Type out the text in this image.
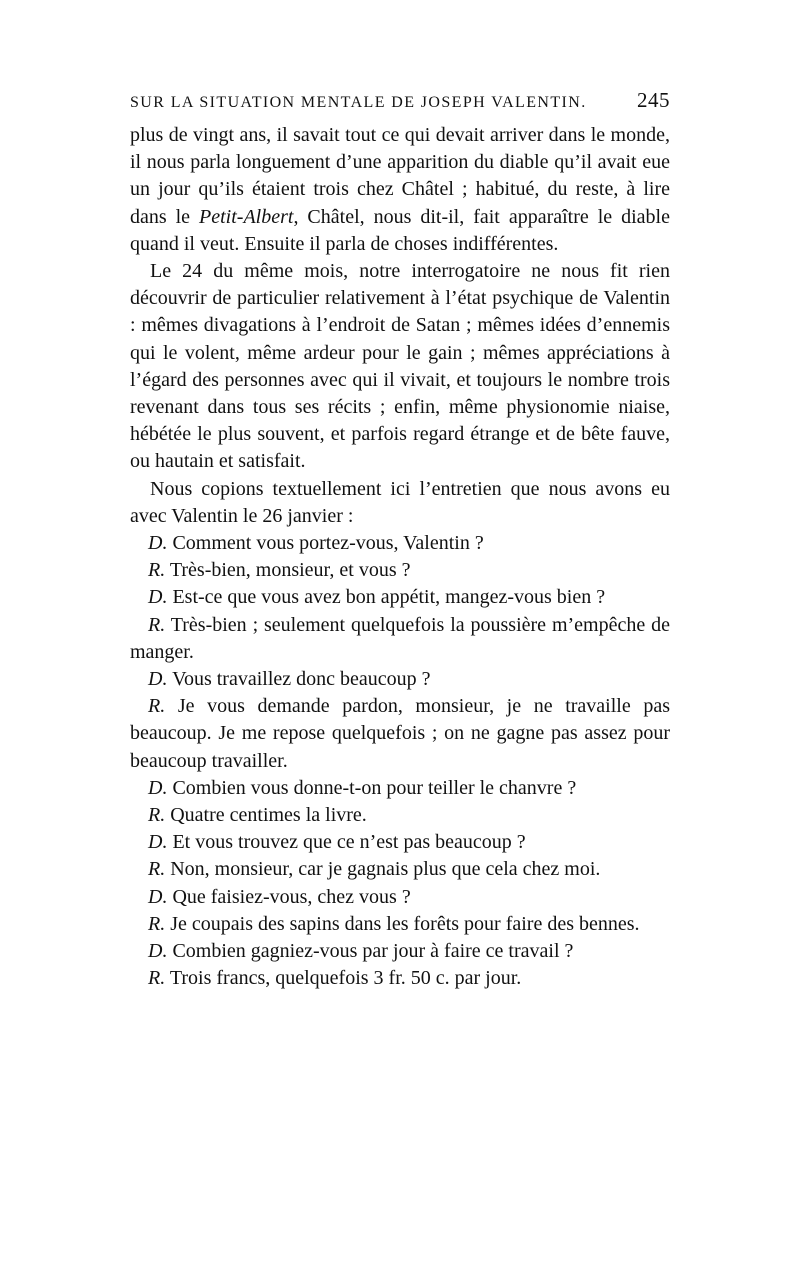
SUR LA SITUATION MENTALE DE JOSEPH VALENTIN. 245

plus de vingt ans, il savait tout ce qui devait arriver dans le monde, il nous parla longuement d’une apparition du diable qu’il avait eue un jour qu’ils étaient trois chez Châtel ; habitué, du reste, à lire dans le Petit-Albert, Châtel, nous dit-il, fait apparaître le diable quand il veut. Ensuite il parla de choses indifférentes.

Le 24 du même mois, notre interrogatoire ne nous fit rien découvrir de particulier relativement à l’état psychique de Valentin : mêmes divagations à l’endroit de Satan ; mêmes idées d’ennemis qui le volent, même ardeur pour le gain ; mêmes appréciations à l’égard des personnes avec qui il vivait, et toujours le nombre trois revenant dans tous ses récits ; enfin, même physionomie niaise, hébétée le plus souvent, et parfois regard étrange et de bête fauve, ou hautain et satisfait.

Nous copions textuellement ici l’entretien que nous avons eu avec Valentin le 26 janvier :

D. Comment vous portez-vous, Valentin ?

R. Très-bien, monsieur, et vous ?

D. Est-ce que vous avez bon appétit, mangez-vous bien ?

R. Très-bien ; seulement quelquefois la poussière m’empêche de manger.

D. Vous travaillez donc beaucoup ?

R. Je vous demande pardon, monsieur, je ne travaille pas beaucoup. Je me repose quelquefois ; on ne gagne pas assez pour beaucoup travailler.

D. Combien vous donne-t-on pour teiller le chanvre ?

R. Quatre centimes la livre.

D. Et vous trouvez que ce n’est pas beaucoup ?

R. Non, monsieur, car je gagnais plus que cela chez moi.

D. Que faisiez-vous, chez vous ?

R. Je coupais des sapins dans les forêts pour faire des bennes.

D. Combien gagniez-vous par jour à faire ce travail ?

R. Trois francs, quelquefois 3 fr. 50 c. par jour.
